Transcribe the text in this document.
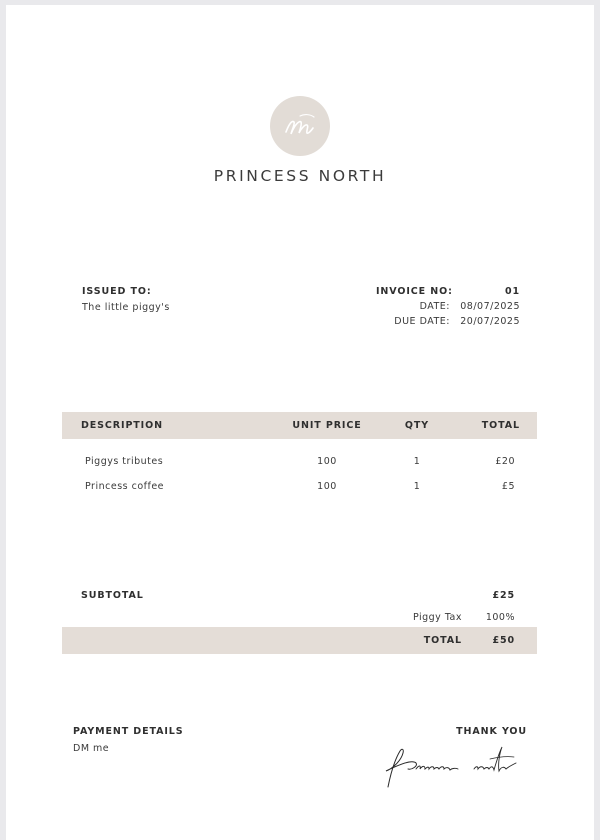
PRINCESS NORTH
ISSUED TO:
The little piggy's
INVOICE NO:	01
DATE:	08/07/2025
DUE DATE:	20/07/2025
DESCRIPTION	UNIT PRICE	QTY	TOTAL
Piggys tributes	100	1	£20
Princess coffee	100	1	£5
SUBTOTAL	£25
Piggy Tax	100%
TOTAL	£50
PAYMENT DETAILS
DM me
THANK YOU
